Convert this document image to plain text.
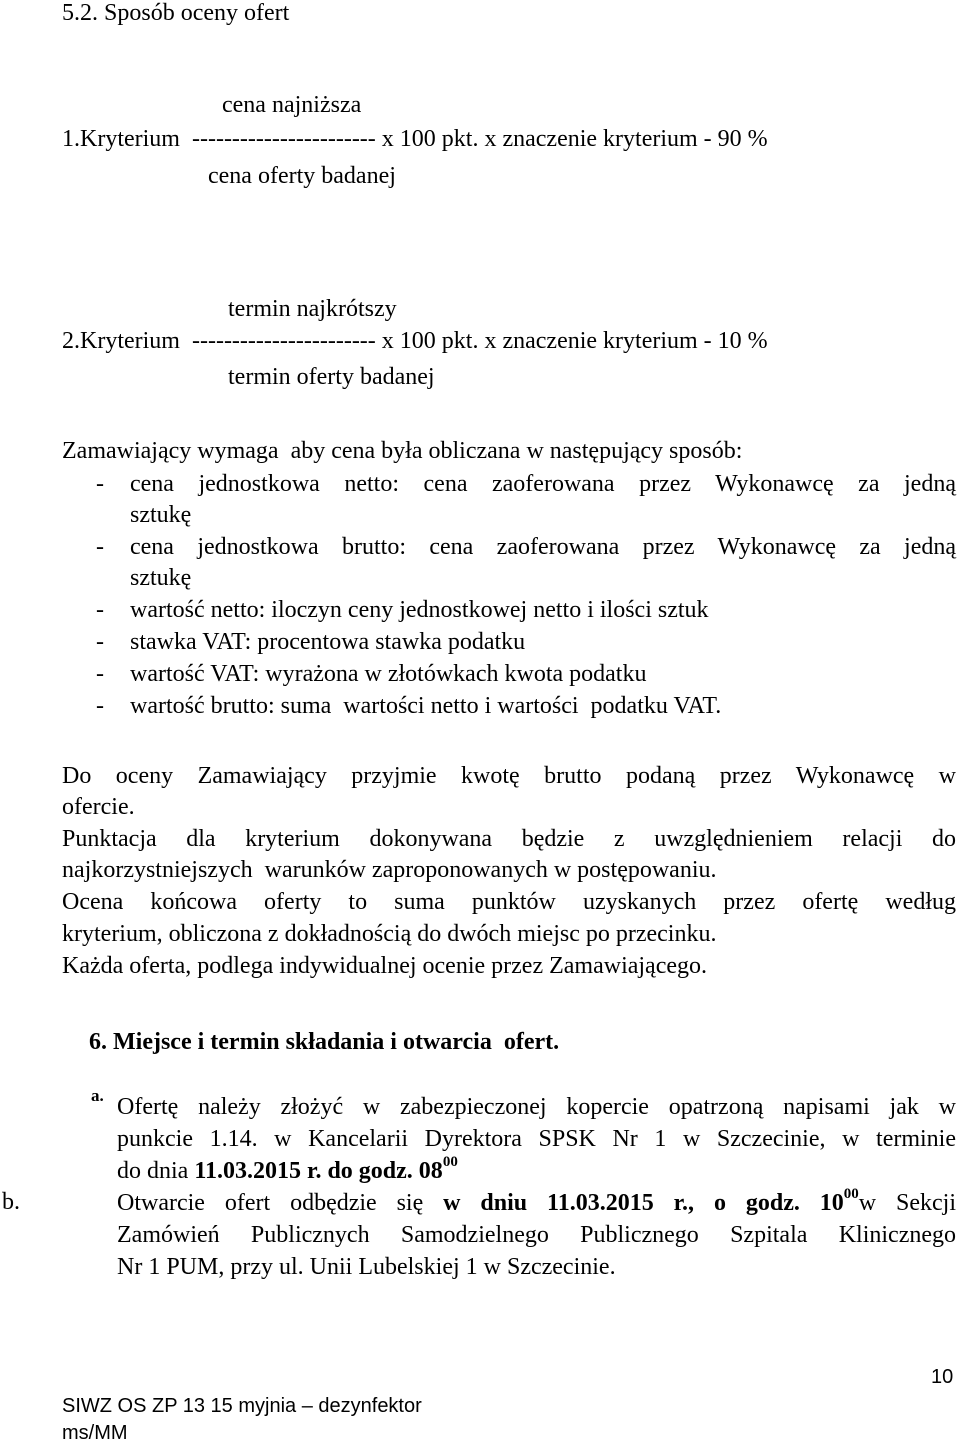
5.2. Sposób oceny ofert
cena najniższa
1.Kryterium  ----------------------- x 100 pkt. x znaczenie kryterium - 90 %
cena oferty badanej
termin najkrótszy
2.Kryterium  ----------------------- x 100 pkt. x znaczenie kryterium - 10 %
termin oferty badanej
Zamawiający wymaga  aby cena była obliczana w następujący sposób:
- cena jednostkowa netto: cena zaoferowana przez Wykonawcę za jedną
sztukę
- cena jednostkowa brutto: cena zaoferowana przez Wykonawcę za jedną
sztukę
- wartość netto: iloczyn ceny jednostkowej netto i ilości sztuk
- stawka VAT: procentowa stawka podatku
- wartość VAT: wyrażona w złotówkach kwota podatku
- wartość brutto: suma  wartości netto i wartości  podatku VAT.
Do oceny Zamawiający przyjmie kwotę brutto podaną przez Wykonawcę w
ofercie.
Punktacja dla kryterium dokonywana będzie z uwzględnieniem relacji do
najkorzystniejszych  warunków zaproponowanych w postępowaniu.
Ocena końcowa oferty to suma punktów uzyskanych przez ofertę według
kryterium, obliczona z dokładnością do dwóch miejsc po przecinku.
Każda oferta, podlega indywidualnej ocenie przez Zamawiającego.
6. Miejsce i termin składania i otwarcia  ofert.
a. Ofertę należy złożyć w zabezpieczonej kopercie opatrzoną napisami jak w
punkcie 1.14. w Kancelarii Dyrektora SPSK Nr 1 w Szczecinie, w terminie
do dnia 11.03.2015 r. do godz. $08^{00}$
b.	Otwarcie ofert odbędzie się w dniu 11.03.2015 r., o godz. $10^{00}w$ Sekcji
Zamówień Publicznych Samodzielnego Publicznego Szpitala Klinicznego
Nr 1 PUM, przy ul. Unii Lubelskiej 1 w Szczecinie.
SIWZ OS ZP 13 15 myjnia – dezynfektor
ms/MM
10
